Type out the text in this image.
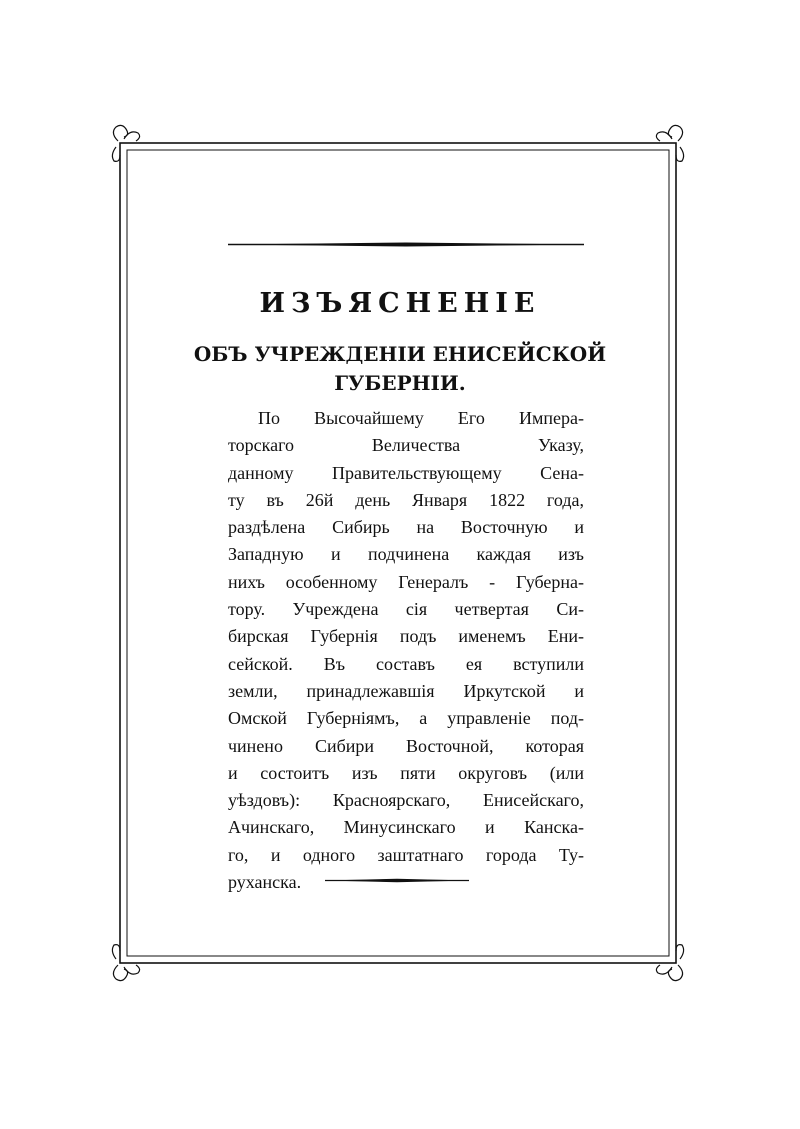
ИЗЪЯСНЕНІЕ
ОБЪ УЧРЕЖДЕНІИ ЕНИСЕЙСКОЙ
ГУБЕРНІИ.
По Высочайшему Его Импера-
торскаго Величества Указу,
данному Правительствующему Сена-
ту въ 26й день Января 1822 года,
раздѣлена Сибирь на Восточную и
Западную и подчинена каждая изъ
нихъ особенному Генералъ - Губерна-
тору. Учреждена сія четвертая Си-
бирская Губернія подъ именемъ Ени-
сейской. Въ составъ ея вступили
земли, принадлежавшія Иркутской и
Омской Губерніямъ, а управленіе под-
чинено Сибири Восточной, которая
и состоитъ изъ пяти округовъ (или
уѣздовъ): Красноярскаго, Енисейскаго,
Ачинскаго, Минусинскаго и Канска-
го, и одного заштатнаго города Ту-
руханска.
